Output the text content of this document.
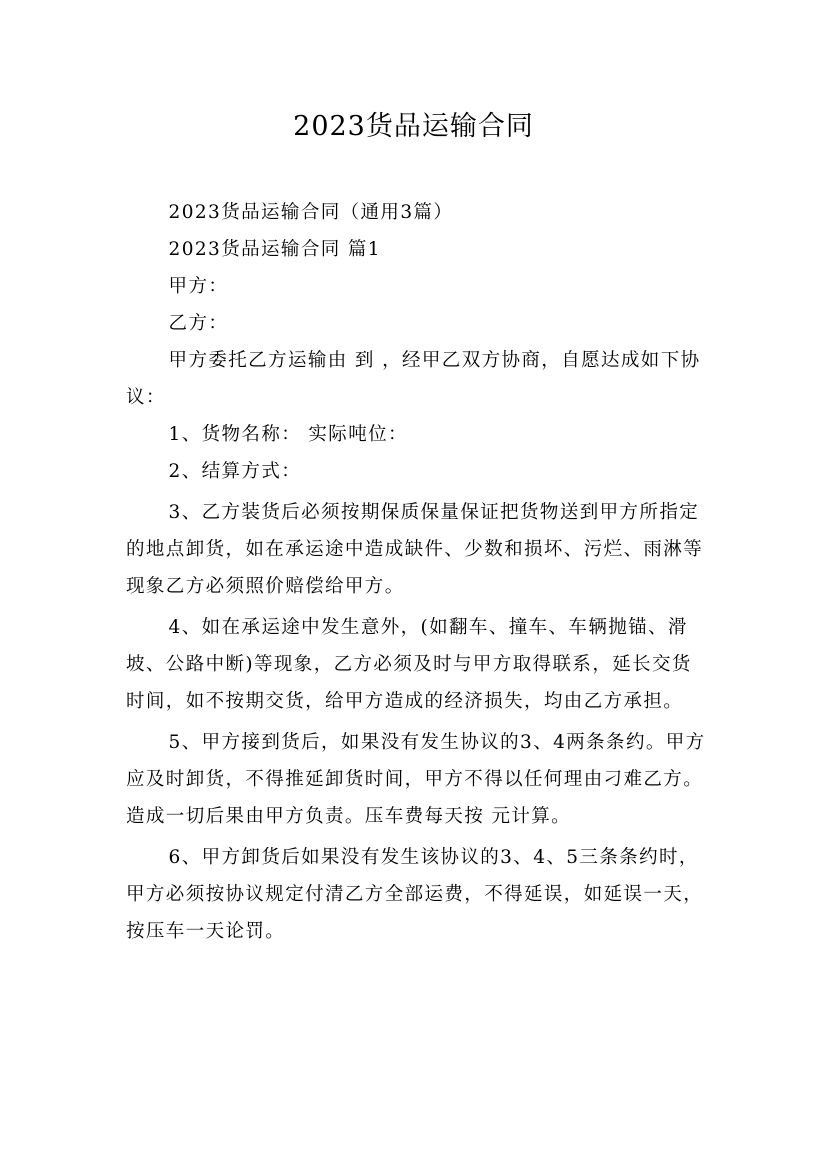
2023货品运输合同

2023货品运输合同（通用3篇）

2023货品运输合同 篇1

甲方：

乙方：

甲方委托乙方运输由 到 ，经甲乙双方协商，自愿达成如下协议：

1、货物名称： 实际吨位：

2、结算方式：

3、乙方装货后必须按期保质保量保证把货物送到甲方所指定的地点卸货，如在承运途中造成缺件、少数和损坏、污烂、雨淋等现象乙方必须照价赔偿给甲方。

4、如在承运途中发生意外，(如翻车、撞车、车辆抛锚、滑坡、公路中断)等现象，乙方必须及时与甲方取得联系，延长交货时间，如不按期交货，给甲方造成的经济损失，均由乙方承担。

5、甲方接到货后，如果没有发生协议的3、4两条条约。甲方应及时卸货，不得推延卸货时间，甲方不得以任何理由刁难乙方。造成一切后果由甲方负责。压车费每天按 元计算。

6、甲方卸货后如果没有发生该协议的3、4、5三条条约时，甲方必须按协议规定付清乙方全部运费，不得延误，如延误一天，按压车一天论罚。
